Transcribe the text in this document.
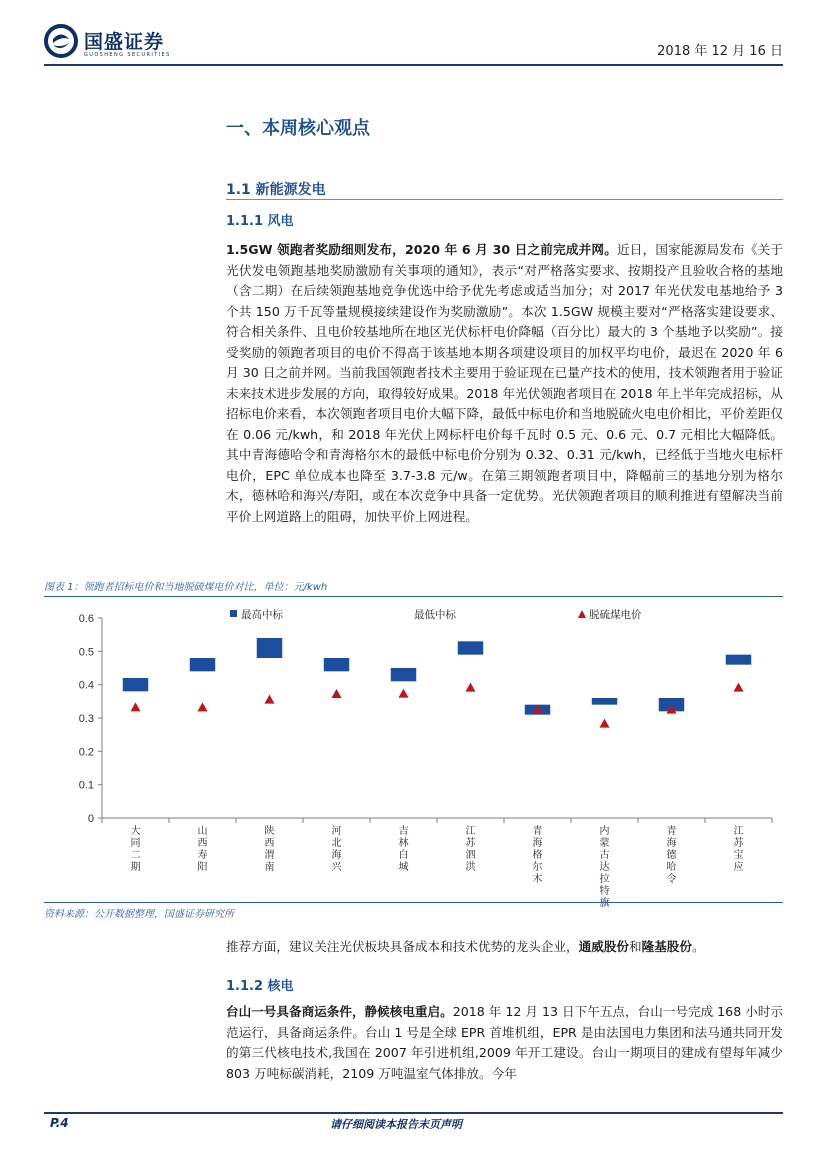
国盛证券
GUOSHENG SECURITIES	2018 年 12 月 16 日
一、本周核心观点
1.1 新能源发电
1.1.1 风电
1.5GW 领跑者奖励细则发布，2020 年 6 月 30 日之前完成并网。近日，国家能源局发布《关于光伏发电领跑基地奖励激励有关事项的通知》，表示“对严格落实要求、按期投产且验收合格的基地（含二期）在后续领跑基地竞争优选中给予优先考虑或适当加分；对 2017 年光伏发电基地给予 3 个共 150 万千瓦等量规模接续建设作为奖励激励”。本次 1.5GW 规模主要对“严格落实建设要求、符合相关条件、且电价较基地所在地区光伏标杆电价降幅（百分比）最大的 3 个基地予以奖励”。接受奖励的领跑者项目的电价不得高于该基地本期各项建设项目的加权平均电价，最迟在 2020 年 6 月 30 日之前并网。当前我国领跑者技术主要用于验证现在已量产技术的使用，技术领跑者用于验证未来技术进步发展的方向，取得较好成果。2018 年光伏领跑者项目在 2018 年上半年完成招标，从招标电价来看，本次领跑者项目电价大幅下降，最低中标电价和当地脱硫火电电价相比，平价差距仅在 0.06 元/kwh，和 2018 年光伏上网标杆电价每千瓦时 0.5 元、0.6 元、0.7 元相比大幅降低。其中青海德哈令和青海格尔木的最低中标电价分别为 0.32、0.31 元/kwh，已经低于当地火电标杆电价，EPC 单位成本也降至 3.7-3.8 元/w。在第三期领跑者项目中，降幅前三的基地分别为格尔木，德林哈和海兴/寿阳，或在本次竞争中具备一定优势。光伏领跑者项目的顺利推进有望解决当前平价上网道路上的阻碍，加快平价上网进程。
图表 1：领跑者招标电价和当地脱硫煤电价对比，单位：元/kwh
0
0.1
0.2
0.3
0.4
0.5
0.6
大同二期
山西寿阳
陕西渭南
河北海兴
吉林白城
江苏泗洪
青海格尔木
内蒙古达拉特旗
青海德哈令
江苏宝应
最高中标	最低中标	脱硫煤电价
资料来源：公开数据整理，国盛证券研究所
推荐方面，建议关注光伏板块具备成本和技术优势的龙头企业，通威股份和隆基股份。
1.1.2 核电
台山一号具备商运条件，静候核电重启。2018 年 12 月 13 日下午五点，台山一号完成 168 小时示范运行，具备商运条件。台山 1 号是全球 EPR 首堆机组，EPR 是由法国电力集团和法马通共同开发的第三代核电技术,我国在 2007 年引进机组,2009 年开工建设。台山一期项目的建成有望每年减少 803 万吨标碳消耗，2109 万吨温室气体排放。今年
P.4	请仔细阅读本报告末页声明
